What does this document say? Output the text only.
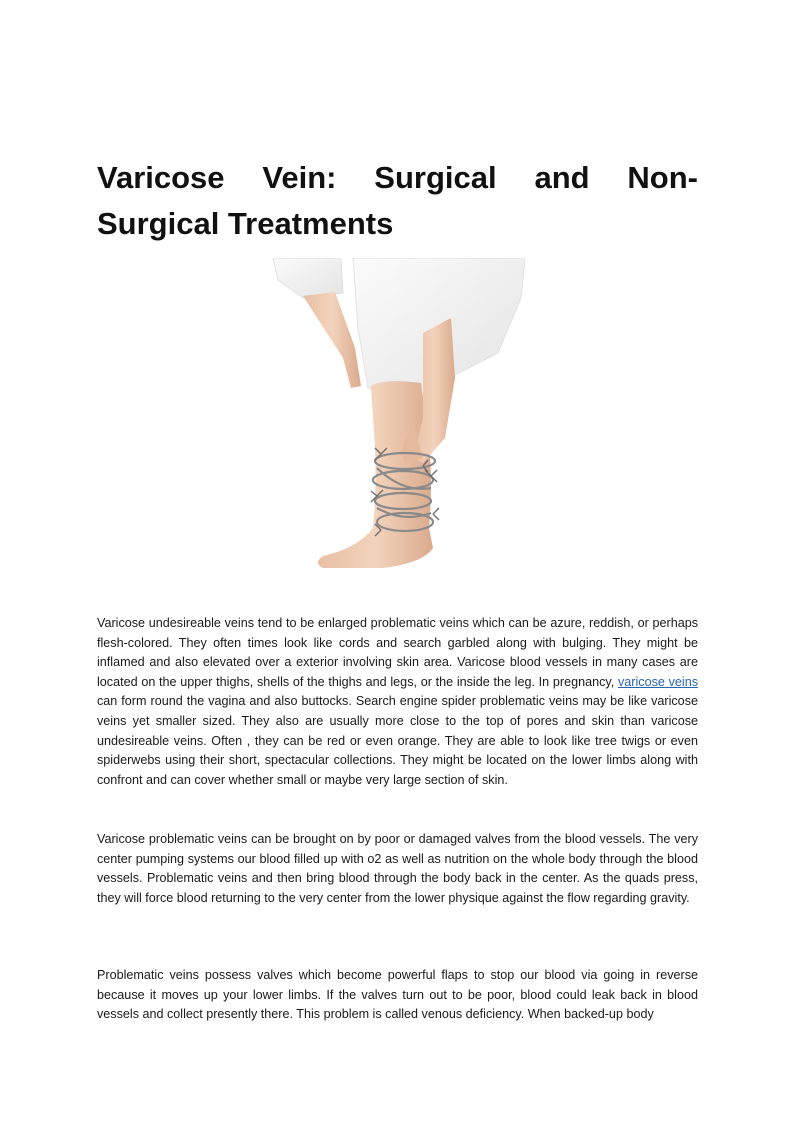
Varicose Vein: Surgical and Non-Surgical Treatments

Varicose undesireable veins tend to be enlarged problematic veins which can be azure, reddish, or perhaps flesh-colored. They often times look like cords and search garbled along with bulging. They might be inflamed and also elevated over a exterior involving skin area. Varicose blood vessels in many cases are located on the upper thighs, shells of the thighs and legs, or the inside the leg. In pregnancy, varicose veins can form round the vagina and also buttocks. Search engine spider problematic veins may be like varicose veins yet smaller sized. They also are usually more close to the top of pores and skin than varicose undesireable veins. Often , they can be red or even orange. They are able to look like tree twigs or even spiderwebs using their short, spectacular collections. They might be located on the lower limbs along with confront and can cover whether small or maybe very large section of skin.

Varicose problematic veins can be brought on by poor or damaged valves from the blood vessels. The very center pumping systems our blood filled up with o2 as well as nutrition on the whole body through the blood vessels. Problematic veins and then bring blood through the body back in the center. As the quads press, they will force blood returning to the very center from the lower physique against the flow regarding gravity.

Problematic veins possess valves which become powerful flaps to stop our blood via going in reverse because it moves up your lower limbs. If the valves turn out to be poor, blood could leak back in blood vessels and collect presently there. This problem is called venous deficiency. When backed-up body
